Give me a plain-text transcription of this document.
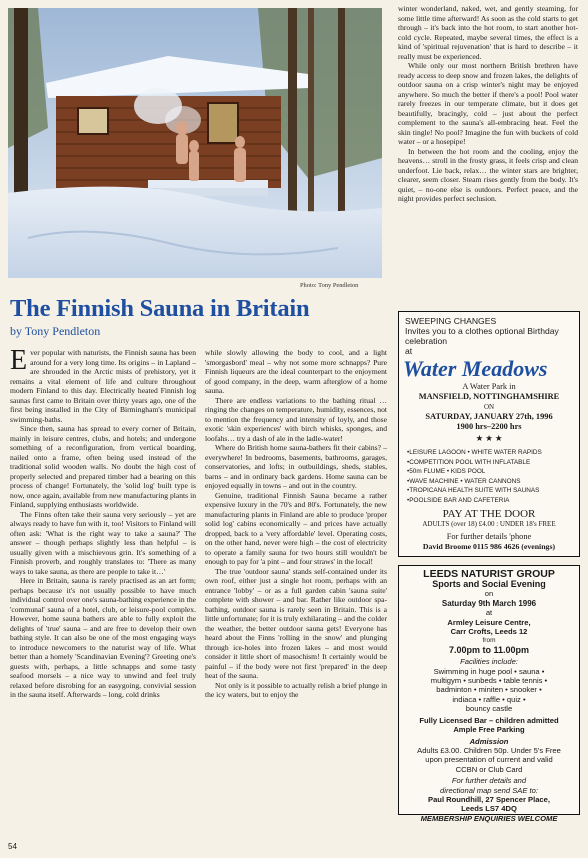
Photo: Tony Pendleton
The Finnish Sauna in Britain
by Tony Pendleton

Ever popular with naturists, the Finnish sauna has been around for a very long time. Its origins – in Lapland – are shrouded in the Arctic mists of prehistory, yet it remains a vital element of life and culture throughout modern Finland to this day. Electrically heated Finnish log saunas first came to Britain over thirty years ago, one of the first being installed in the City of Birmingham's municipal swimming-baths.

Since then, sauna has spread to every corner of Britain, mainly in leisure centres, clubs, and hotels; and undergone something of a reconfiguration, from vertical boarding, nailed onto a frame, often being used instead of the traditional solid wooden walls. No doubt the high cost of properly selected and prepared timber had a bearing on this process of change! Fortunately, the 'solid log' built type is now, once again, available from new manufacturing plants in Finland, supplying enthusiasts worldwide.

The Finns often take their sauna very seriously – yet are always ready to have fun with it, too! Visitors to Finland will often ask: 'What is the right way to take a sauna?' The answer – though perhaps slightly less than helpful – is usually given with a mischievous grin. It's something of a Finnish proverb, and roughly translates to: 'There as many ways to take sauna, as there are people to take it…'

Here in Britain, sauna is rarely practised as an art form; perhaps because it's not usually possible to have much individual control over one's sauna-bathing experience in the 'communal' sauna of a hotel, club, or leisure-pool complex. However, home sauna bathers are able to fully exploit the delights of 'true' sauna – and are free to develop their own bathing style. It can also be one of the most engaging ways to introduce newcomers to the naturist way of life. What better than a homely 'Scandinavian Evening'? Greeting one's guests with, perhaps, a little schnapps and some tasty seafood morsels – a nice way to unwind and feel truly relaxed before disrobing for an easygoing, convivial session in the sauna itself. Afterwards – long, cold drinks

while slowly allowing the body to cool, and a light 'smorgasbord' meal – why not some more schnapps? Pure Finnish liqueurs are the ideal counterpart to the enjoyment of good company, in the deep, warm afterglow of a home sauna.

There are endless variations to the bathing ritual … ringing the changes on temperature, humidity, essences, not to mention the frequency and intensity of loyly, and those exotic 'skin experiences' with birch whisks, sponges, and loofahs… try a dash of ale in the ladle-water!

Where do British home sauna-bathers fit their cabins? – everywhere! In bedrooms, basements, bathrooms, garages, conservatories, and lofts; in outbuildings, sheds, stables, barns – and in ordinary back gardens. Home sauna can be enjoyed equally in towns – and out in the country.

Genuine, traditional Finnish Sauna became a rather expensive luxury in the 70's and 80's. Fortunately, the new manufacturing plants in Finland are able to produce 'proper solid log' cabins economically – and prices have actually dropped, back to a 'very affordable' level. Operating costs, on the other hand, never were high – the cost of electricity to operate a family sauna for two hours still wouldn't be enough to pay for 'a pint – and four straws' in the local!

The true 'outdoor sauna' stands self-contained under its own roof, either just a single hot room, perhaps with an entrance 'lobby' – or as a full garden cabin 'sauna suite' complete with shower – and bar. Rather like outdoor spa-bathing, outdoor sauna is rarely seen in Britain. This is a little unfortunate; for it is truly exhilarating – and the colder the weather, the better outdoor sauna gets! Everyone has heard about the Finns 'rolling in the snow' and plunging through ice-holes into frozen lakes – and most would consider it little short of masochism! It certainly would be painful – if the body were not first 'prepared' in the deep heat of the sauna.

Not only is it possible to actually relish a brief plunge in the icy waters, but to enjoy the

winter wonderland, naked, wet, and gently steaming, for some little time afterward! As soon as the cold starts to get through – it's back into the hot room, to start another hot-cold cycle. Repeated, maybe several times, the effect is a kind of 'spiritual rejuvenation' that is hard to describe – it really must be experienced.

While only our most northern British brethren have ready access to deep snow and frozen lakes, the delights of outdoor sauna on a crisp winter's night may be enjoyed anywhere. So much the better if there's a pool! Pool water rarely freezes in our temperate climate, but it does get beautifully, bracingly, cold – just about the perfect complement to the sauna's all-embracing heat. Feel the skin tingle! No pool? Imagine the fun with buckets of cold water – or a hosepipe!

In between the hot room and the cooling, enjoy the heavens… stroll in the frosty grass, it feels crisp and clean underfoot. Lie back, relax… the winter stars are brighter, clearer, seem closer. Steam rises gently from the body. It's quiet, – no-one else is outdoors. Perfect peace, and the night provides perfect seclusion.

SWEEPING CHANGES
Invites you to a clothes optional Birthday celebration
at
Water Meadows
A Water Park in
MANSFIELD, NOTTINGHAMSHIRE
ON
SATURDAY, JANUARY 27th, 1996
1900 hrs–2200 hrs
★ ★ ★
• LEISURE LAGOON • WHITE WATER RAPIDS
• COMPETITION POOL WITH INFLATABLE
• 50m FLUME • KIDS POOL
• WAVE MACHINE • WATER CANNONS
• TROPICANA HEALTH SUITE WITH SAUNAS
• POOLSIDE BAR AND CAFETERIA
PAY AT THE DOOR
ADULTS (over 18) £4.00 : UNDER 18's FREE
For further details 'phone
David Broome 0115 986 4626 (evenings)
LEEDS NATURIST GROUP
Sports and Social Evening
on
Saturday 9th March 1996
at
Armley Leisure Centre,
Carr Crofts, Leeds 12
from
7.00pm to 11.00pm
Facilities include:
Swimming in huge pool • sauna •
multigym • sunbeds • table tennis •
badminton • miniten • snooker •
indiaca • raffle • quiz •
bouncy castle
Fully Licensed Bar – children admitted
Ample Free Parking
Admission
Adults £3.00. Children 50p. Under 5's Free
upon presentation of current and valid
CCBN or Club Card
For further details and
directional map send SAE to:
Paul Roundhill, 27 Spencer Place,
Leeds LS7 4DQ
MEMBERSHIP ENQUIRIES WELCOME
54
